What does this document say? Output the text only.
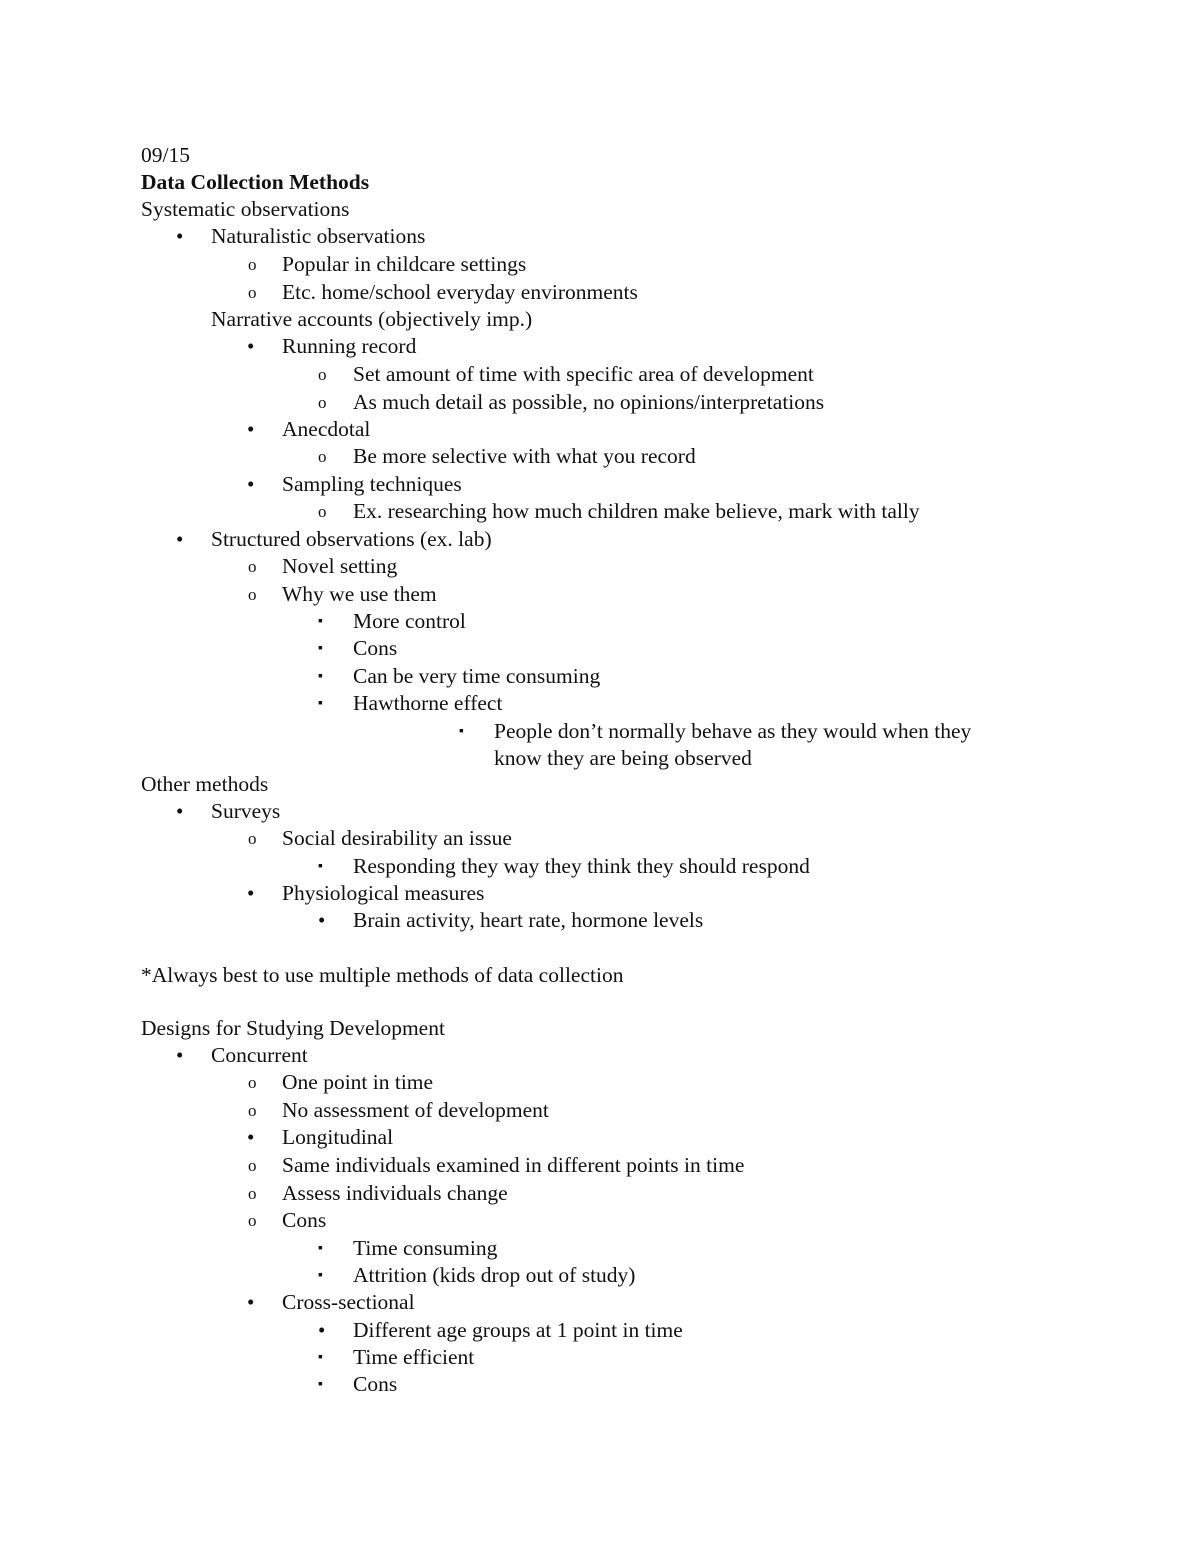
09/15
Data Collection Methods
Systematic observations
• Naturalistic observations
o Popular in childcare settings
o Etc. home/school everyday environments
Narrative accounts (objectively imp.)
• Running record
o Set amount of time with specific area of development
o As much detail as possible, no opinions/interpretations
• Anecdotal
o Be more selective with what you record
• Sampling techniques
o Ex. researching how much children make believe, mark with tally
• Structured observations (ex. lab)
o Novel setting
o Why we use them
▪ More control
▪ Cons
▪ Can be very time consuming
▪ Hawthorne effect
▪ People don’t normally behave as they would when they
know they are being observed
Other methods
• Surveys
o Social desirability an issue
▪ Responding they way they think they should respond
• Physiological measures
• Brain activity, heart rate, hormone levels
*Always best to use multiple methods of data collection
Designs for Studying Development
• Concurrent
o One point in time
o No assessment of development
• Longitudinal
o Same individuals examined in different points in time
o Assess individuals change
o Cons
▪ Time consuming
▪ Attrition (kids drop out of study)
• Cross-sectional
• Different age groups at 1 point in time
▪ Time efficient
▪ Cons
